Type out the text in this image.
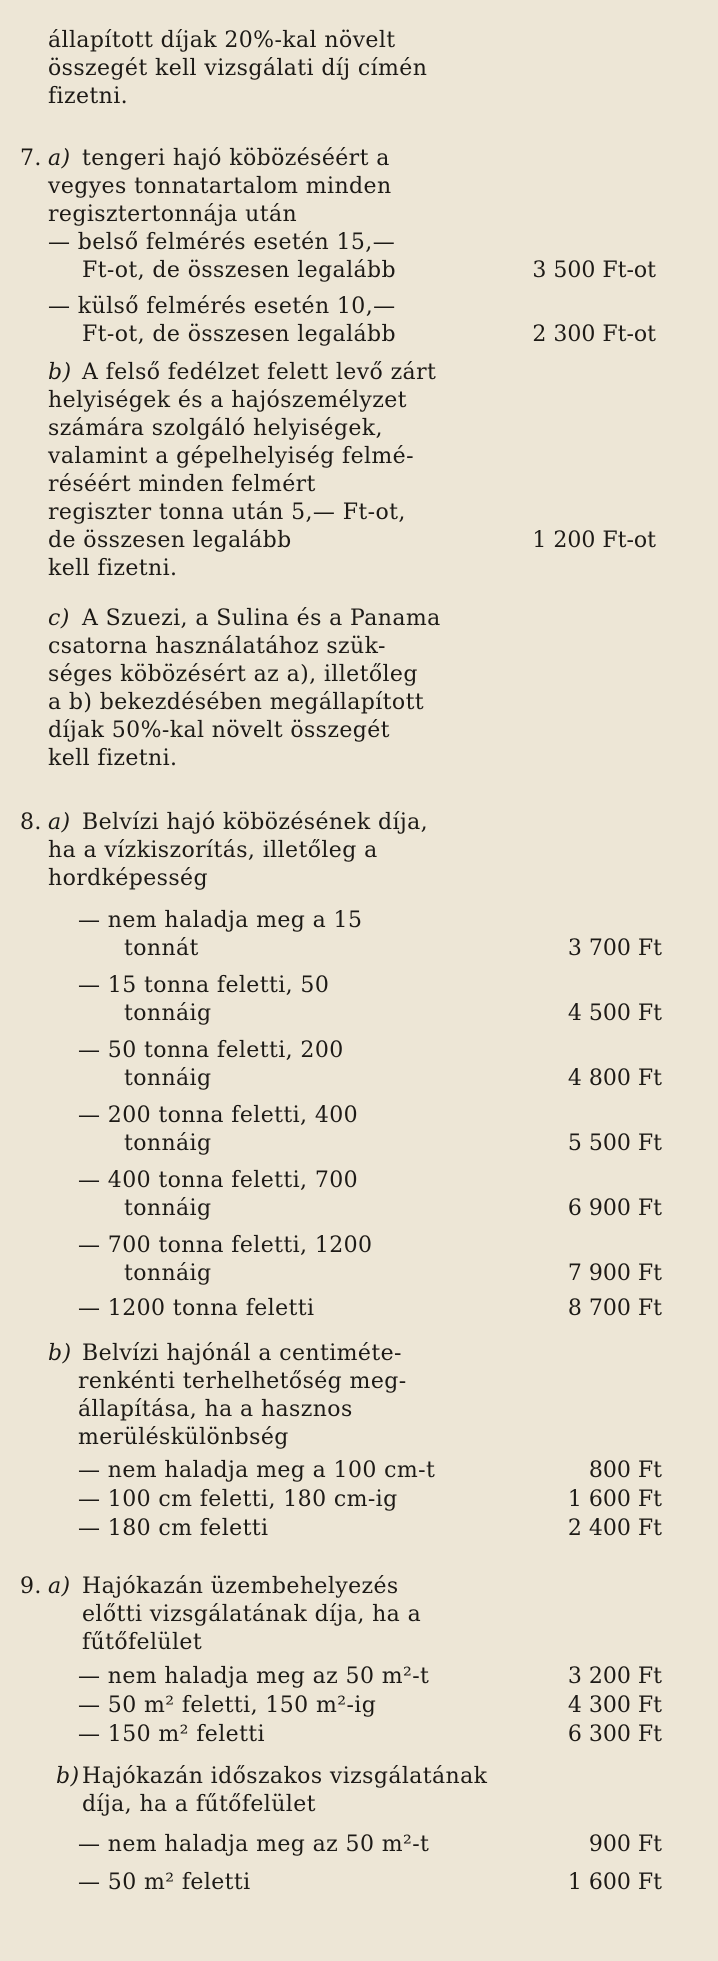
állapított díjak 20%-kal növelt
összegét kell vizsgálati díj címén
fizetni.
7. a) tengeri hajó köbözéséért a
vegyes tonnatartalom minden
regisztertonnája után
— belső felmérés esetén 15,—
Ft-ot, de összesen legalább	3 500 Ft-ot
— külső felmérés esetén 10,—
Ft-ot, de összesen legalább	2 300 Ft-ot
b) A felső fedélzet felett levő zárt
helyiségek és a hajószemélyzet
számára szolgáló helyiségek,
valamint a gépelhelyiség felmé-
réséért minden felmért
regiszter tonna után 5,— Ft-ot,
de összesen legalább	1 200 Ft-ot
kell fizetni.
c) A Szuezi, a Sulina és a Panama
csatorna használatához szük-
séges köbözésért az a), illetőleg
a b) bekezdésében megállapított
díjak 50%-kal növelt összegét
kell fizetni.
8. a) Belvízi hajó köbözésének díja,
ha a vízkiszorítás, illetőleg a
hordképesség
— nem haladja meg a 15
tonnát	3 700 Ft
— 15 tonna feletti, 50
tonnáig	4 500 Ft
— 50 tonna feletti, 200
tonnáig	4 800 Ft
— 200 tonna feletti, 400
tonnáig	5 500 Ft
— 400 tonna feletti, 700
tonnáig	6 900 Ft
— 700 tonna feletti, 1200
tonnáig	7 900 Ft
— 1200 tonna feletti	8 700 Ft
b) Belvízi hajónál a centiméte-
renkénti terhelhetőség meg-
állapítása, ha a hasznos
merüléskülönbség
— nem haladja meg a 100 cm-t	800 Ft
— 100 cm feletti, 180 cm-ig	1 600 Ft
— 180 cm feletti	2 400 Ft
9. a) Hajókazán üzembehelyezés
előtti vizsgálatának díja, ha a
fűtőfelület
— nem haladja meg az 50 m²-t	3 200 Ft
— 50 m² feletti, 150 m²-ig	4 300 Ft
— 150 m² feletti	6 300 Ft
b) Hajókazán időszakos vizsgálatának
díja, ha a fűtőfelület
— nem haladja meg az 50 m²-t	900 Ft
— 50 m² feletti	1 600 Ft
